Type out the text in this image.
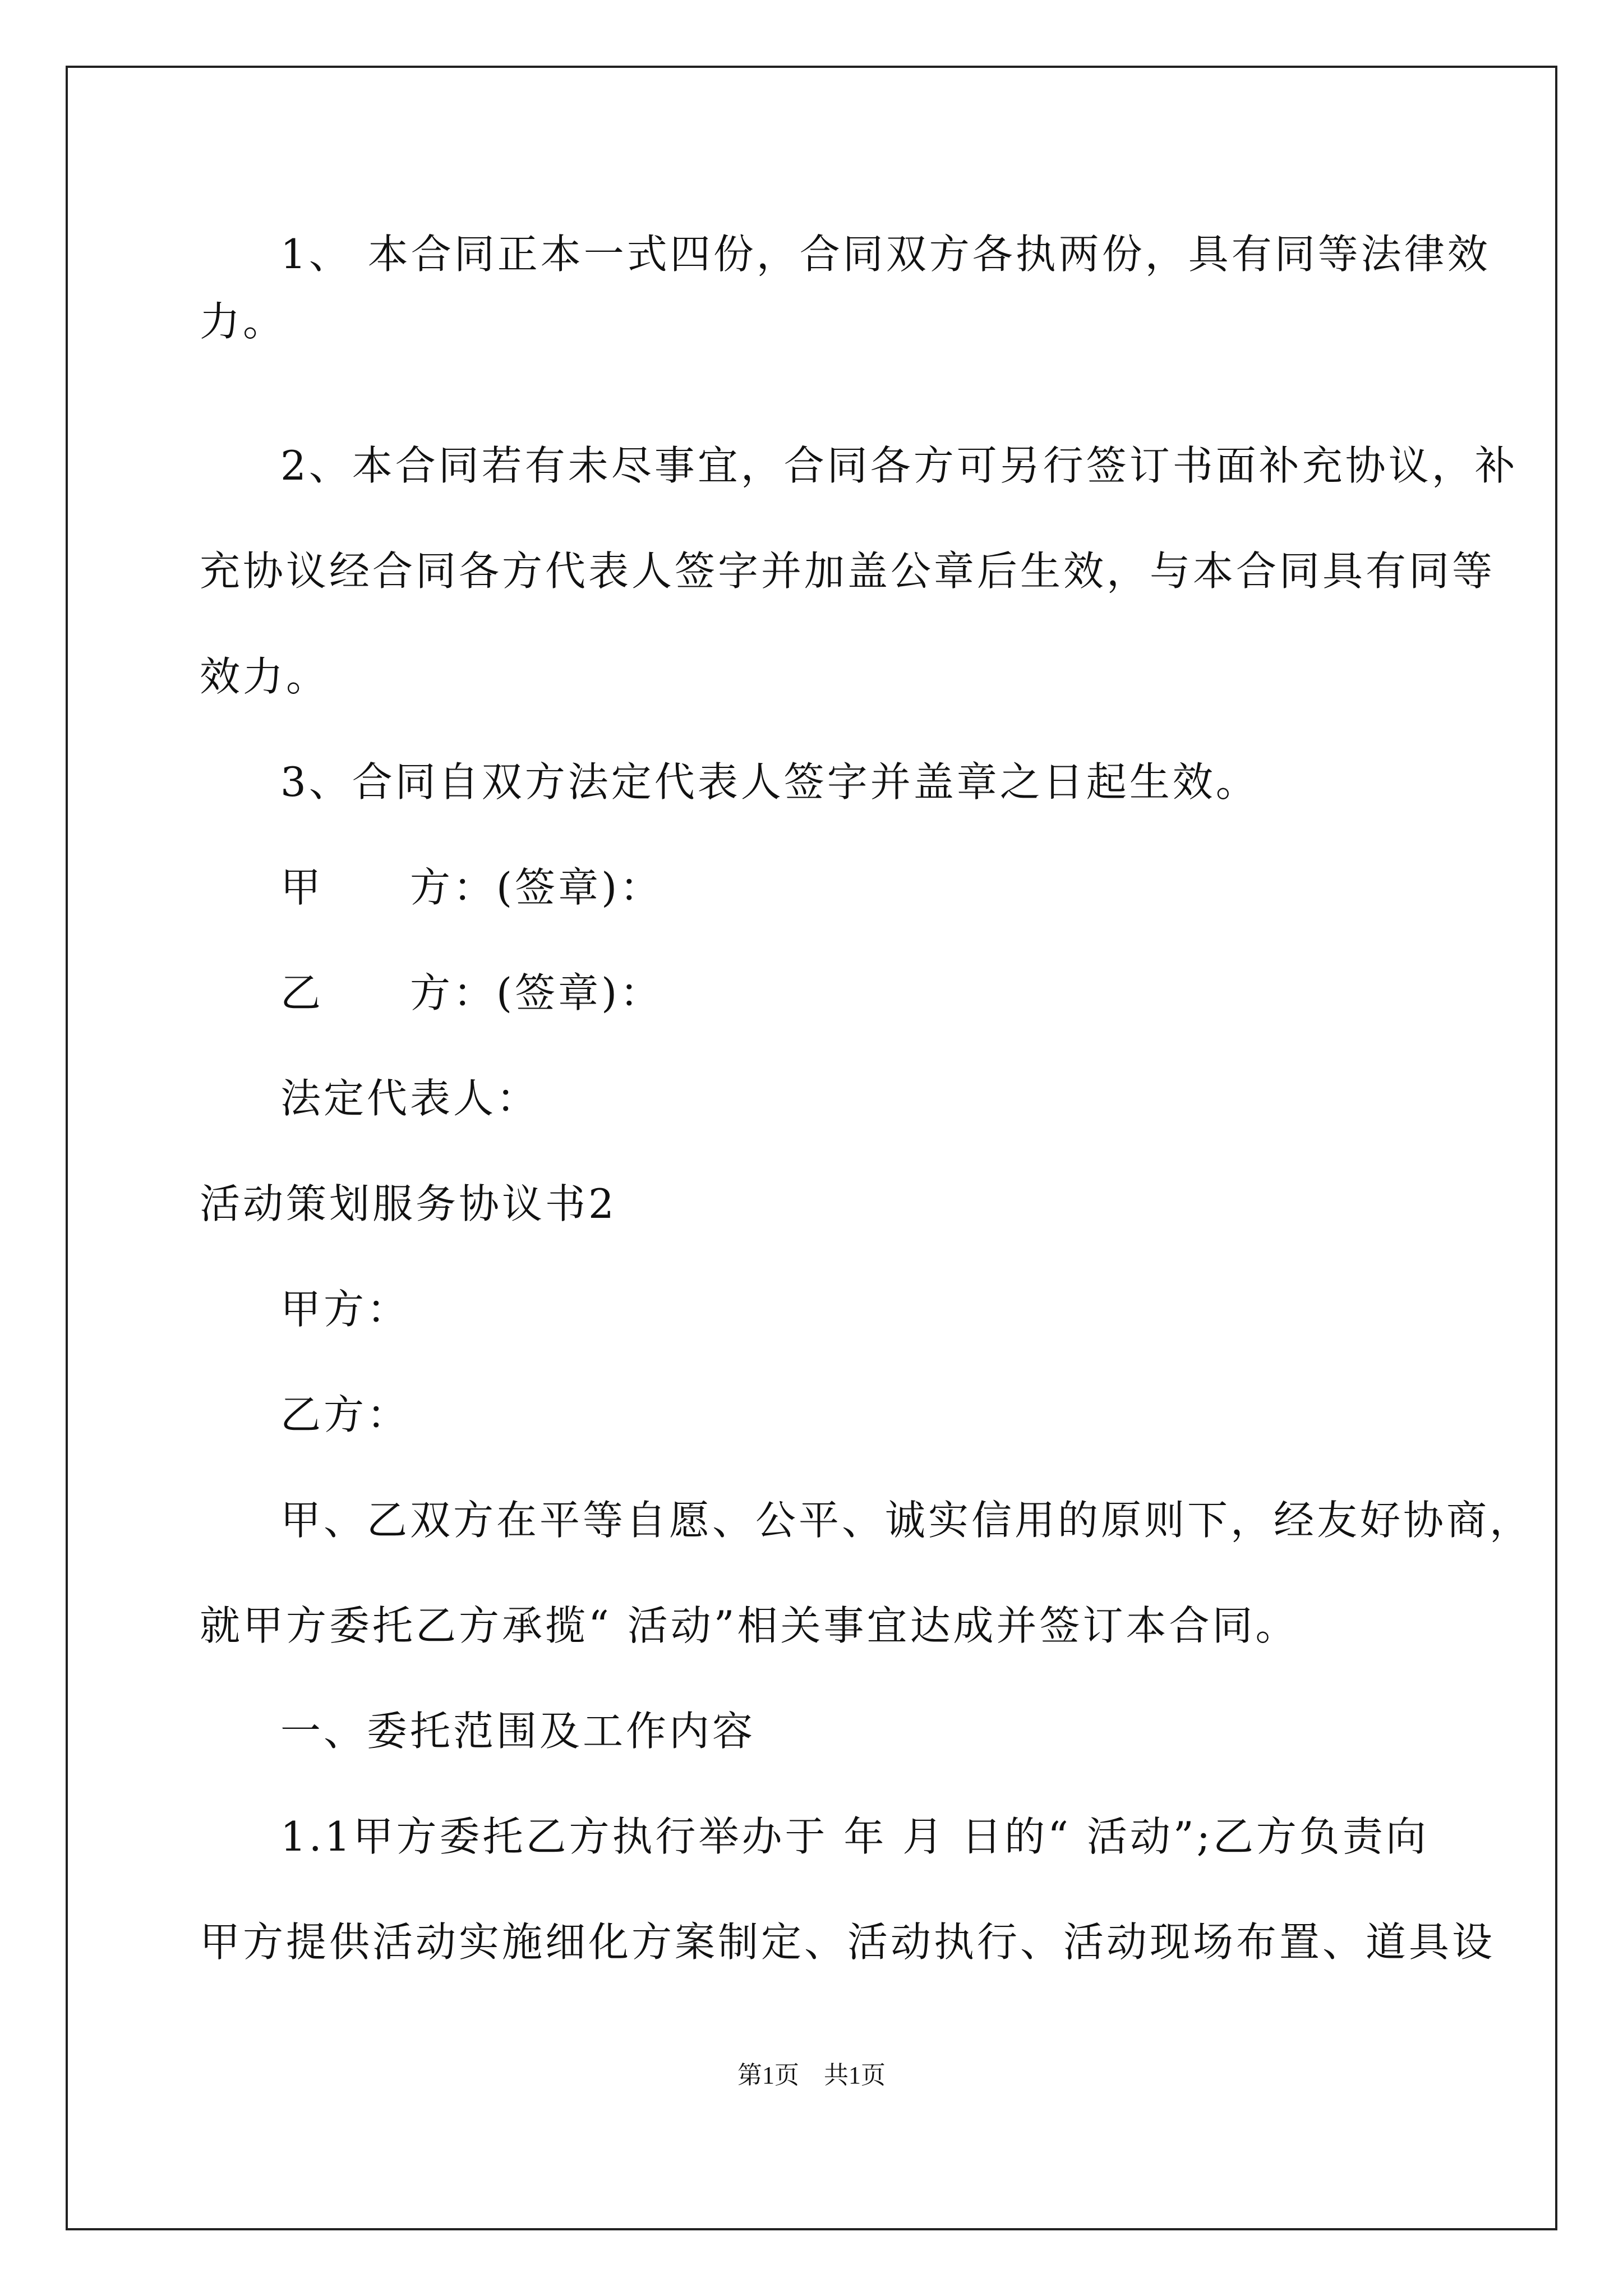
1、 本合同正本一式四份，合同双方各执两份，具有同等法律效
力。
2、本合同若有未尽事宜，合同各方可另行签订书面补充协议，补
充协议经合同各方代表人签字并加盖公章后生效，与本合同具有同等
效力。
3、合同自双方法定代表人签字并盖章之日起生效。
甲　　方：(签章)：
乙　　方：(签章)：
法定代表人：
活动策划服务协议书2
甲方：
乙方：
甲、乙双方在平等自愿、公平、诚实信用的原则下，经友好协商，
就甲方委托乙方承揽“ 活动”相关事宜达成并签订本合同。
一、委托范围及工作内容
1.1甲方委托乙方执行举办于 年 月 日的“ 活动”;乙方负责向
甲方提供活动实施细化方案制定、活动执行、活动现场布置、道具设
第1页　共1页
